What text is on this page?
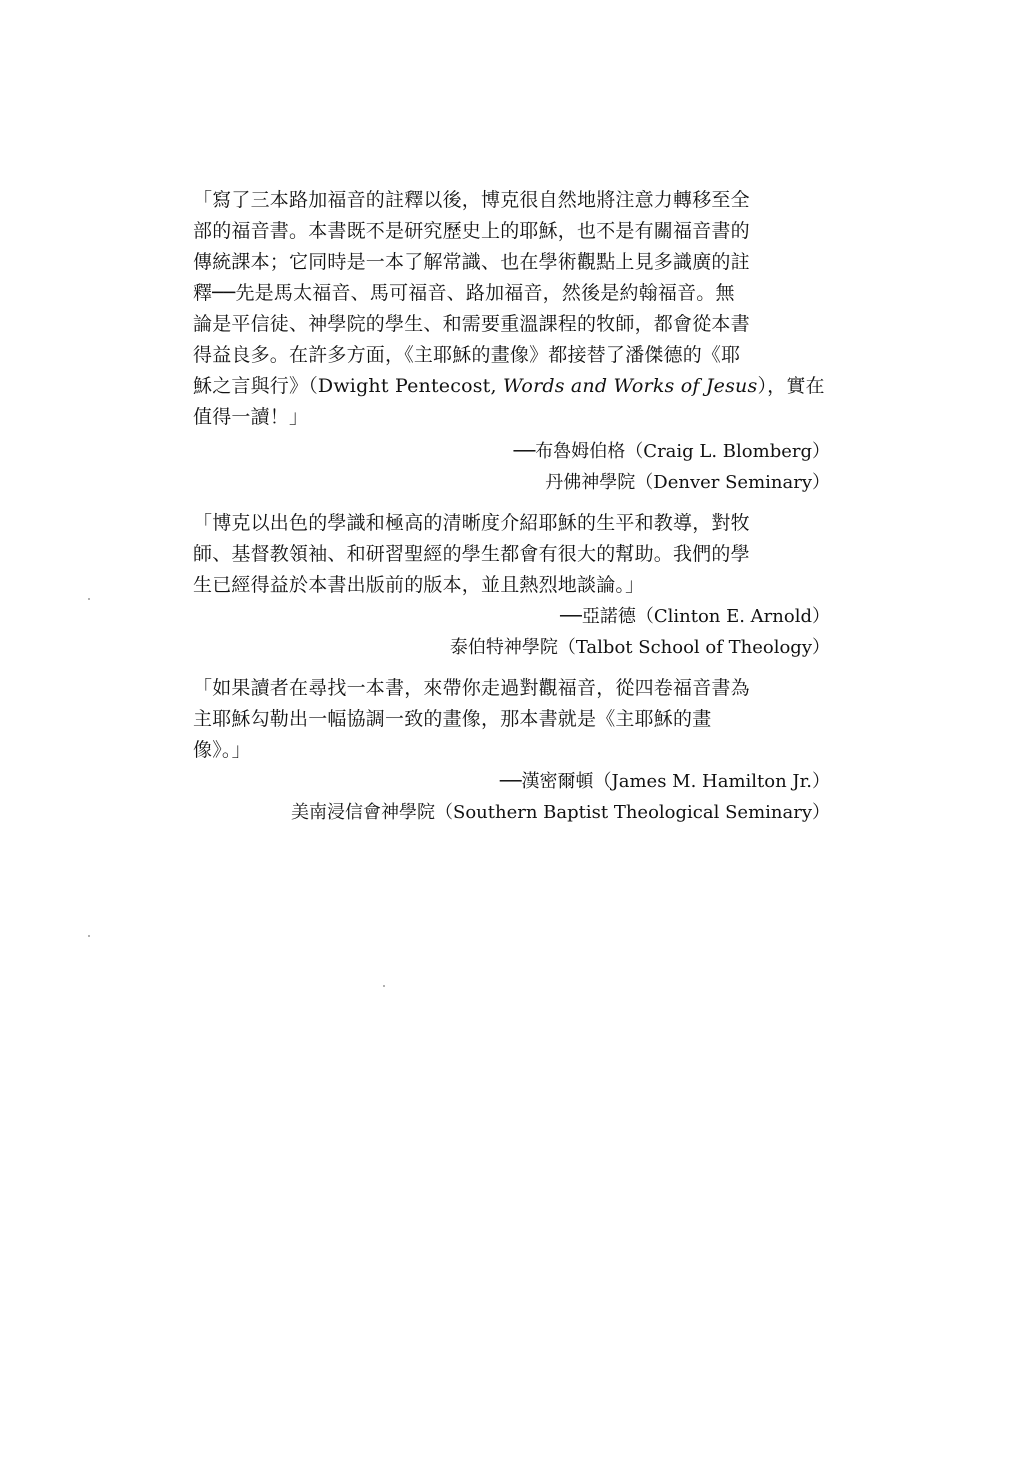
「寫了三本路加福音的註釋以後，博克很自然地將注意力轉移至全
部的福音書。本書既不是研究歷史上的耶穌，也不是有關福音書的
傳統課本；它同時是一本了解常識、也在學術觀點上見多識廣的註
釋──先是馬太福音、馬可福音、路加福音，然後是約翰福音。無
論是平信徒、神學院的學生、和需要重溫課程的牧師，都會從本書
得益良多。在許多方面，《主耶穌的畫像》都接替了潘傑德的《耶
穌之言與行》（Dwight Pentecost, Words and Works of Jesus），實在
值得一讀！」

──布魯姆伯格（Craig L. Blomberg）

丹佛神學院（Denver Seminary）

「博克以出色的學識和極高的清晰度介紹耶穌的生平和教導，對牧
師、基督教領袖、和研習聖經的學生都會有很大的幫助。我們的學
生已經得益於本書出版前的版本，並且熱烈地談論。」

──亞諾德（Clinton E. Arnold）

泰伯特神學院（Talbot School of Theology）

「如果讀者在尋找一本書，來帶你走過對觀福音，從四卷福音書為
主耶穌勾勒出一幅協調一致的畫像，那本書就是《主耶穌的畫
像》。」

──漢密爾頓（James M. Hamilton Jr.）

美南浸信會神學院（Southern Baptist Theological Seminary）
